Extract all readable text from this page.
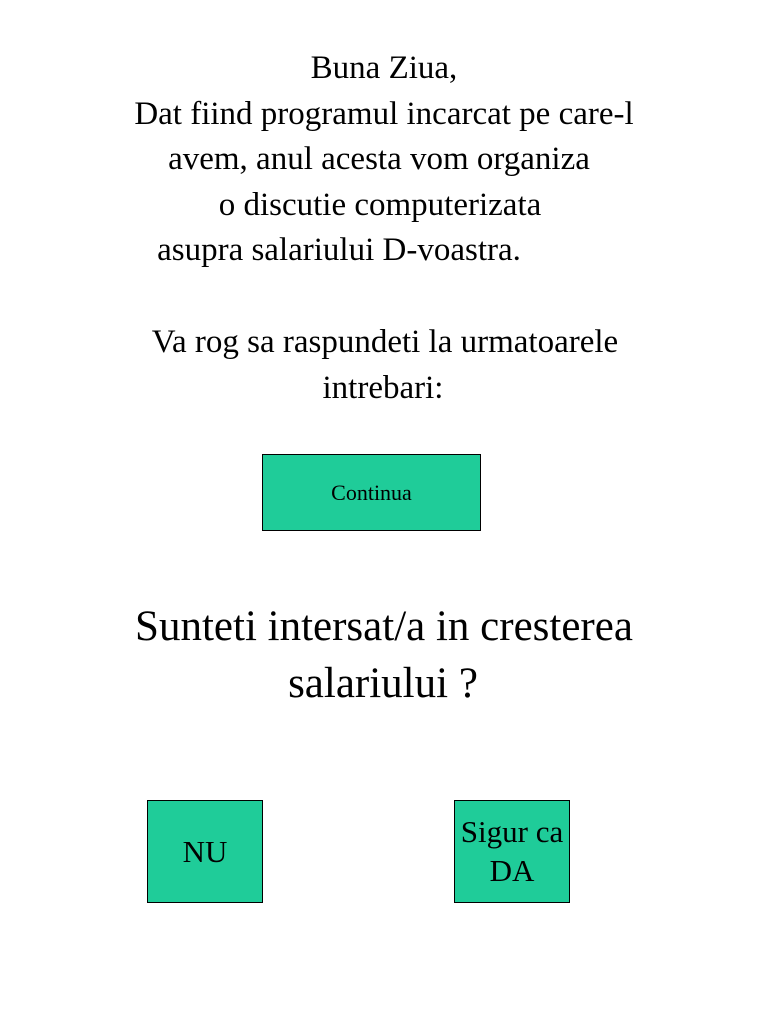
Buna Ziua,
Dat fiind programul incarcat pe care-l
avem, anul acesta vom organiza
o discutie computerizata
asupra salariului D-voastra.
Va rog sa raspundeti la urmatoarele
intrebari:
Continua
Sunteti intersat/a in cresterea
salariului ?
NU
Sigur ca
DA
